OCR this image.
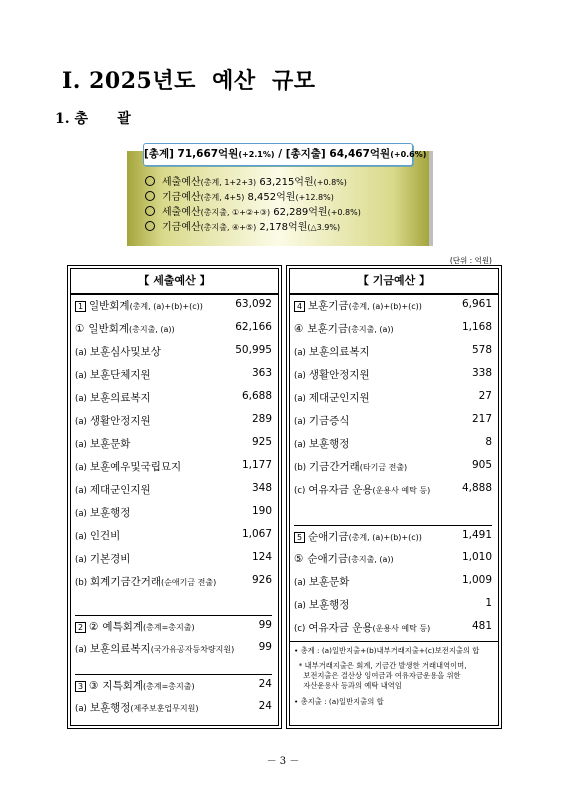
Ⅰ. 2025년도  예산  규모
1. 총      괄
세출예산(총계, 1+2+3) 63,215억원(+0.8%)
기금예산(총계, 4+5) 8,452억원(+12.8%)
세출예산(총지출, ①+②+③) 62,289억원(+0.8%)
기금예산(총지출, ④+⑤) 2,178억원(△3.9%)
[총계] 71,667억원(+2.1%) / [총지출] 64,467억원(+0.6%)
(단위 : 억원)
【 세출예산 】
1 일반회계(총계, (a)+(b)+(c))	63,092
① 일반회계(총지출, (a))	62,166
(a) 보훈심사및보상	50,995
(a) 보훈단체지원	363
(a) 보훈의료복지	6,688
(a) 생활안정지원	289
(a) 보훈문화	925
(a) 보훈예우및국립묘지	1,177
(a) 제대군인지원	348
(a) 보훈행정	190
(a) 인건비	1,067
(a) 기본경비	124
(b) 회계기금간거래(순애기금 전출)	926
2 ② 예특회계(총계=총지출)	99
(a) 보훈의료복지(국가유공자등차량지원) 99
3 ③ 지특회계(총계=총지출)	24
(a) 보훈행정(제주보훈업무지원)	24
【 기금예산 】
4 보훈기금(총계, (a)+(b)+(c))	6,961
④ 보훈기금(총지출, (a))	1,168
(a) 보훈의료복지	578
(a) 생활안정지원	338
(a) 제대군인지원	27
(a) 기금증식	217
(a) 보훈행정	8
(b) 기금간거래(타기금 전출)	905
(c) 여유자금 운용(운용사 예탁 등)	4,888
5 순애기금(총계, (a)+(b)+(c))	1,491
⑤ 순애기금(총지출, (a))	1,010
(a) 보훈문화	1,009
(a) 보훈행정	1
(c) 여유자금 운용(운용사 예탁 등)	481
• 총계 : (a)일반지출+(b)내부거래지출+(c)보전지출의 합
* 내부거래지출은 회계, 기금간 발생한 거래내역이며,
보전지출은 결산상 잉여금과 여유자금운용을 위한
자산운용사 등과의 예탁 내역임
• 총지출 : (a)일반지출의 합
－ 3 －
